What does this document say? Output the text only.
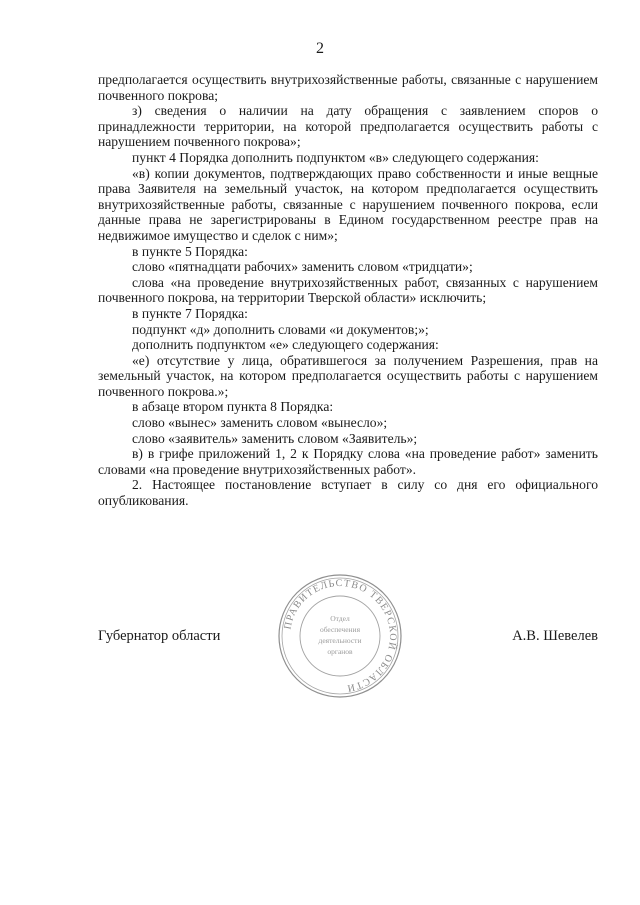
2

предполагается осуществить внутрихозяйственные работы, связанные с нарушением почвенного покрова;

з) сведения о наличии на дату обращения с заявлением споров о принадлежности территории, на которой предполагается осуществить работы с нарушением почвенного покрова»;

пункт 4 Порядка дополнить подпунктом «в» следующего содержания:

«в) копии документов, подтверждающих право собственности и иные вещные права Заявителя на земельный участок, на котором предполагается осуществить внутрихозяйственные работы, связанные с нарушением почвенного покрова, если данные права не зарегистрированы в Едином государственном реестре прав на недвижимое имущество и сделок с ним»;

в пункте 5 Порядка:

слово «пятнадцати рабочих» заменить словом «тридцати»;

слова «на проведение внутрихозяйственных работ, связанных с нарушением почвенного покрова, на территории Тверской области» исключить;

в пункте 7 Порядка:

подпункт «д» дополнить словами «и документов;»;

дополнить подпунктом «е» следующего содержания:

«е) отсутствие у лица, обратившегося за получением Разрешения, прав на земельный участок, на котором предполагается осуществить работы с нарушением почвенного покрова.»;

в абзаце втором пункта 8 Порядка:

слово «вынес» заменить словом «вынесло»;

слово «заявитель» заменить словом «Заявитель»;

в) в грифе приложений 1, 2 к Порядку слова «на проведение работ» заменить словами «на проведение внутрихозяйственных работ».

2. Настоящее постановление вступает в силу со дня его официального опубликования.

ПРАВИТЕЛЬСТВО ТВЕРСКОЙ ОБЛАСТИ
Отдел
обеспечения
деятельности
органов
Губернатор области	А.В. Шевелев
